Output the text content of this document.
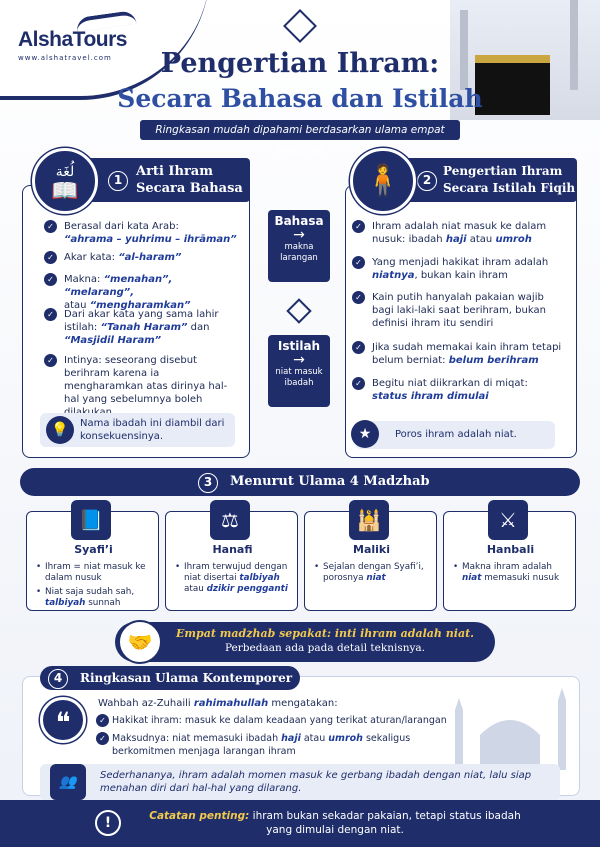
AlshaTours
www.alshatravel.com	Pengertian Ihram:
Secara Bahasa dan Istilah
Ringkasan mudah dipahami berdasarkan ulama empat madzhab
1
Arti Ihram
Secara Bahasa
لُغَة
📖
✓	Berasal dari kata Arab:
“ahrama – yuhrimu – ihrāman”
✓	Akar kata: “al-haram”
✓	Makna: “menahan”, “melarang”,
atau “mengharamkan”
✓	Dari akar kata yang sama lahir istilah: “Tanah Haram” dan
“Masjidil Haram”
✓	Intinya: seseorang disebut berihram karena ia mengharamkan atas dirinya hal-hal yang sebelumnya boleh
💡	Nama ibadah ini diambil dari konsekuensinya.
Bahasa
→
makna larangan
Istilah
→
niat masuk ibadah
2
Pengertian Ihram
Secara Istilah Fiqih
🧍
✓	Ihram adalah niat masuk ke dalam nusuk: ibadah haji atau umroh
✓	Yang menjadi hakikat ihram adalah niatnya, bukan kain ihram
✓	Kain putih hanyalah pakaian wajib bagi laki-laki saat berihram, bukan definisi ihram itu sendiri
✓	Jika sudah memakai kain ihram tetapi belum berniat: belum berihram
✓	Begitu niat diikrarkan di miqat:
status ihram dimulai
★	Poros ihram adalah niat.
3	Menurut Ulama 4 Madzhab
📘
Syafi’i
• Ihram = niat masuk ke dalam nusuk
• Niat saja sudah sah, talbiyah sunnah
⚖
Hanafi
• Ihram terwujud dengan niat disertai talbiyah atau dzikir pengganti
🕌
Maliki
• Sejalan dengan Syafi’i, porosnya niat
⚔
Hanbali
• Makna ihram adalah niat memasuki nusuk
Empat madzhab sepakat: inti ihram adalah niat.
Perbedaan ada pada detail teknisnya.
🤝
4	Ringkasan Ulama Kontemporer
❝
Wahbah az-Zuhaili rahimahullah mengatakan:
✓ Hakikat ihram: masuk ke dalam keadaan yang terikat aturan/larangan
✓ Maksudnya: niat memasuki ibadah haji atau umroh sekaligus berkomitmen menjaga larangan ihram
👥	Sederhananya, ihram adalah momen masuk ke gerbang ibadah dengan niat, lalu siap menahan diri dari hal-hal yang dilarang.
!	Catatan penting: ihram bukan sekadar pakaian, tetapi status ibadah yang dimulai dengan niat.
